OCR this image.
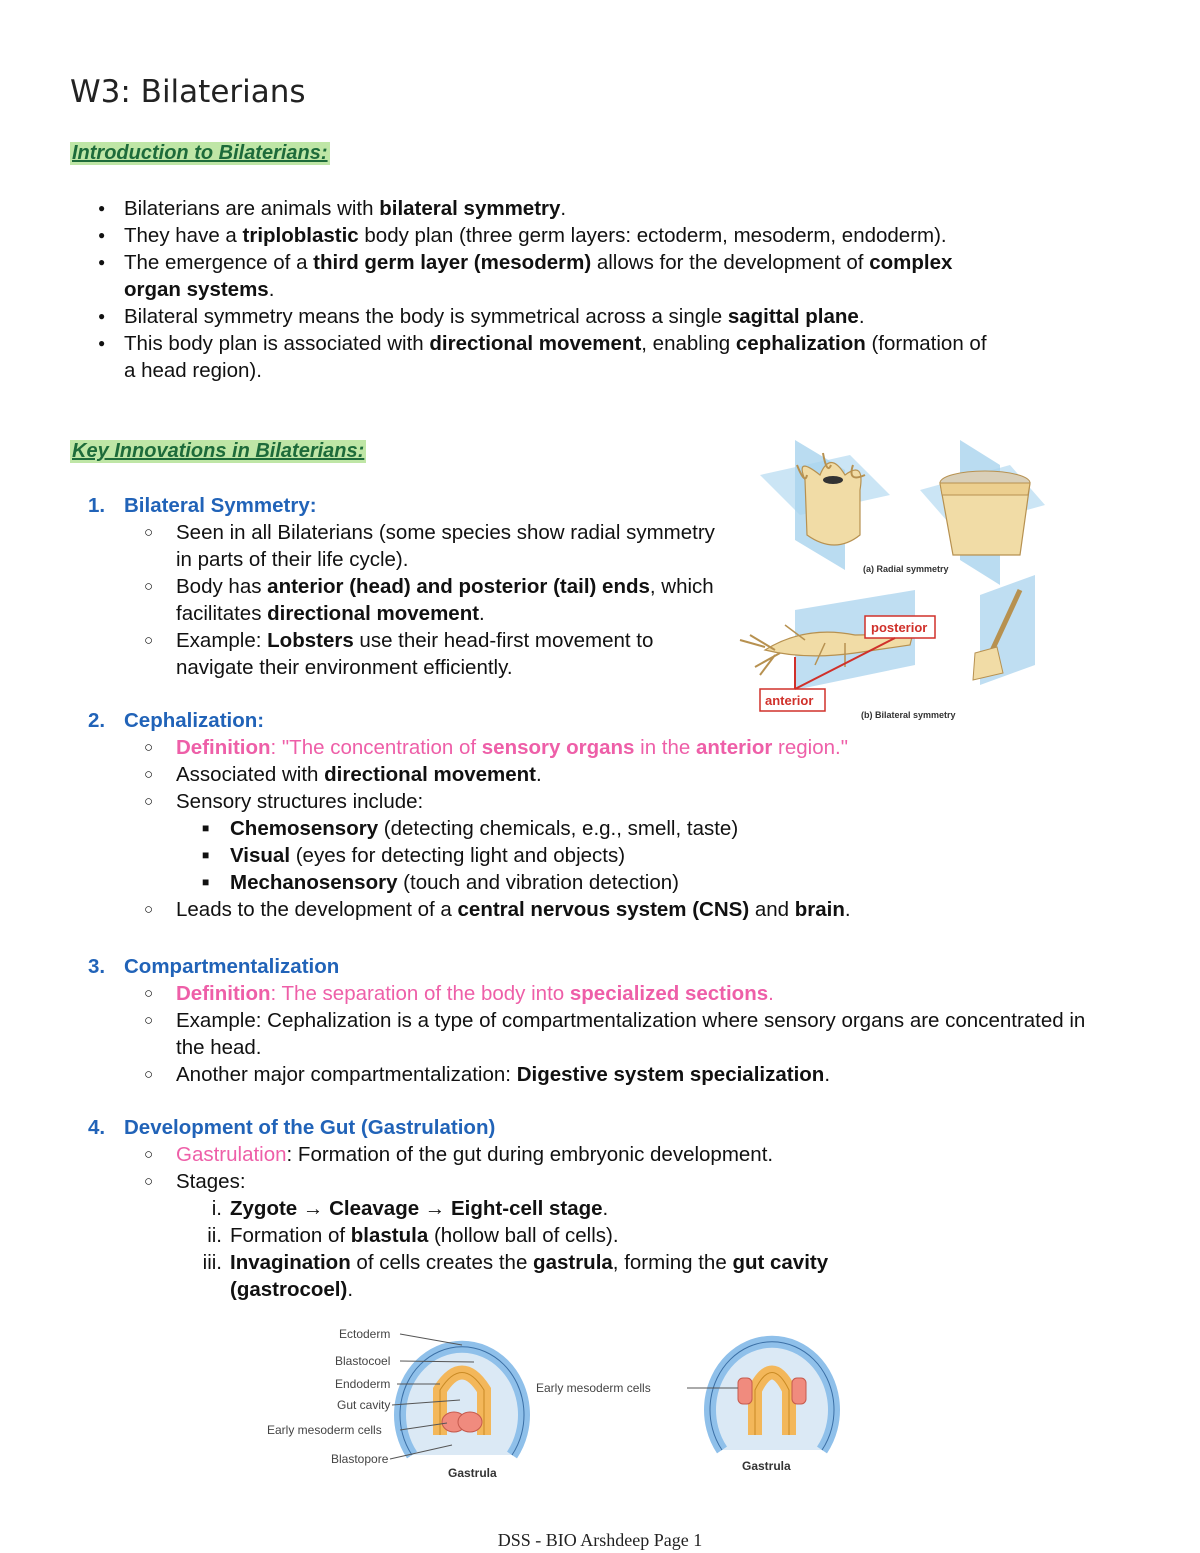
W3: Bilaterians
Introduction to Bilaterians:
● Bilaterians are animals with bilateral symmetry.
● They have a triploblastic body plan (three germ layers: ectoderm, mesoderm, endoderm).
● The emergence of a third germ layer (mesoderm) allows for the development of complex organ systems.
● Bilateral symmetry means the body is symmetrical across a single sagittal plane.
● This body plan is associated with directional movement, enabling cephalization (formation of a head region).
Key Innovations in Bilaterians:
1. Bilateral Symmetry:
○ Seen in all Bilaterians (some species show radial symmetry in parts of their life cycle).
○ Body has anterior (head) and posterior (tail) ends, which facilitates directional movement.
○ Example: Lobsters use their head-first movement to navigate their environment efficiently.
2. Cephalization:
○ Definition: "The concentration of sensory organs in the anterior region."
○ Associated with directional movement.
○ Sensory structures include:
■ Chemosensory (detecting chemicals, e.g., smell, taste)
■ Visual (eyes for detecting light and objects)
■ Mechanosensory (touch and vibration detection)
○ Leads to the development of a central nervous system (CNS) and brain.
3. Compartmentalization
○ Definition: The separation of the body into specialized sections.
○ Example: Cephalization is a type of compartmentalization where sensory organs are concentrated in the head.
○ Another major compartmentalization: Digestive system specialization.
4. Development of the Gut (Gastrulation)
○ Gastrulation: Formation of the gut during embryonic development.
○ Stages:
i. Zygote → Cleavage → Eight-cell stage.
ii. Formation of blastula (hollow ball of cells).
iii. Invagination of cells creates the gastrula, forming the gut cavity (gastrocoel).
(a) Radial symmetry
posterior
anterior
(b) Bilateral symmetry
Ectoderm
Blastocoel
Endoderm
Gut cavity
Early mesoderm cells
Blastopore
Gastrula
Early mesoderm cells
Gastrula
DSS - BIO Arshdeep Page 1
